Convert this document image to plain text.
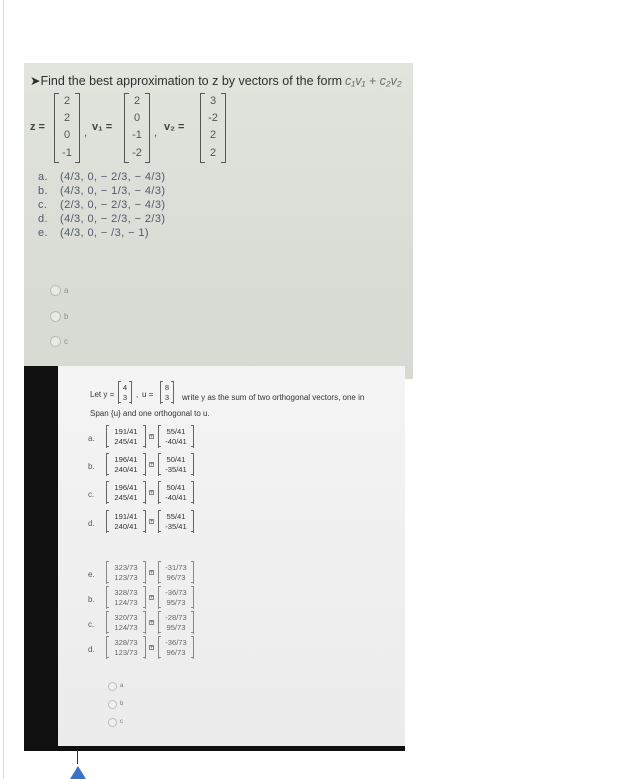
➤Find the best approximation to z by vectors of the form c₁v₁ + c₂v₂
z =
2
2
0
-1
, v₁ =
2
0
-1
-2
, v₂ =
3
-2
2
2
a. (4/3, 0, − 2/3, − 4/3)
b. (4/3, 0, − 1/3, − 4/3)
c. (2/3, 0, − 2/3, − 4/3)
d. (4/3, 0, − 2/3, − 2/3)
e. (4/3, 0, − /3, − 1)
a
b
c
Let y =
4
3	, u =
8
3	write y as the sum of two orthogonal vectors, one in
Span {u} and one orthogonal to u.
a.
191/41
245/41	+
55/41
-40/41
b.
196/41
240/41	+
50/41
-35/41
c.
196/41
245/41	+
50/41
-40/41
d.
191/41
240/41	+
55/41
-35/41
e.
323/73
123/73	+
-31/73
96/73
b.
328/73
124/73	+
-36/73
95/73
c.
320/73
124/73	+
-28/73
95/73
d.
328/73
123/73	+
-36/73
96/73
a
b
c
